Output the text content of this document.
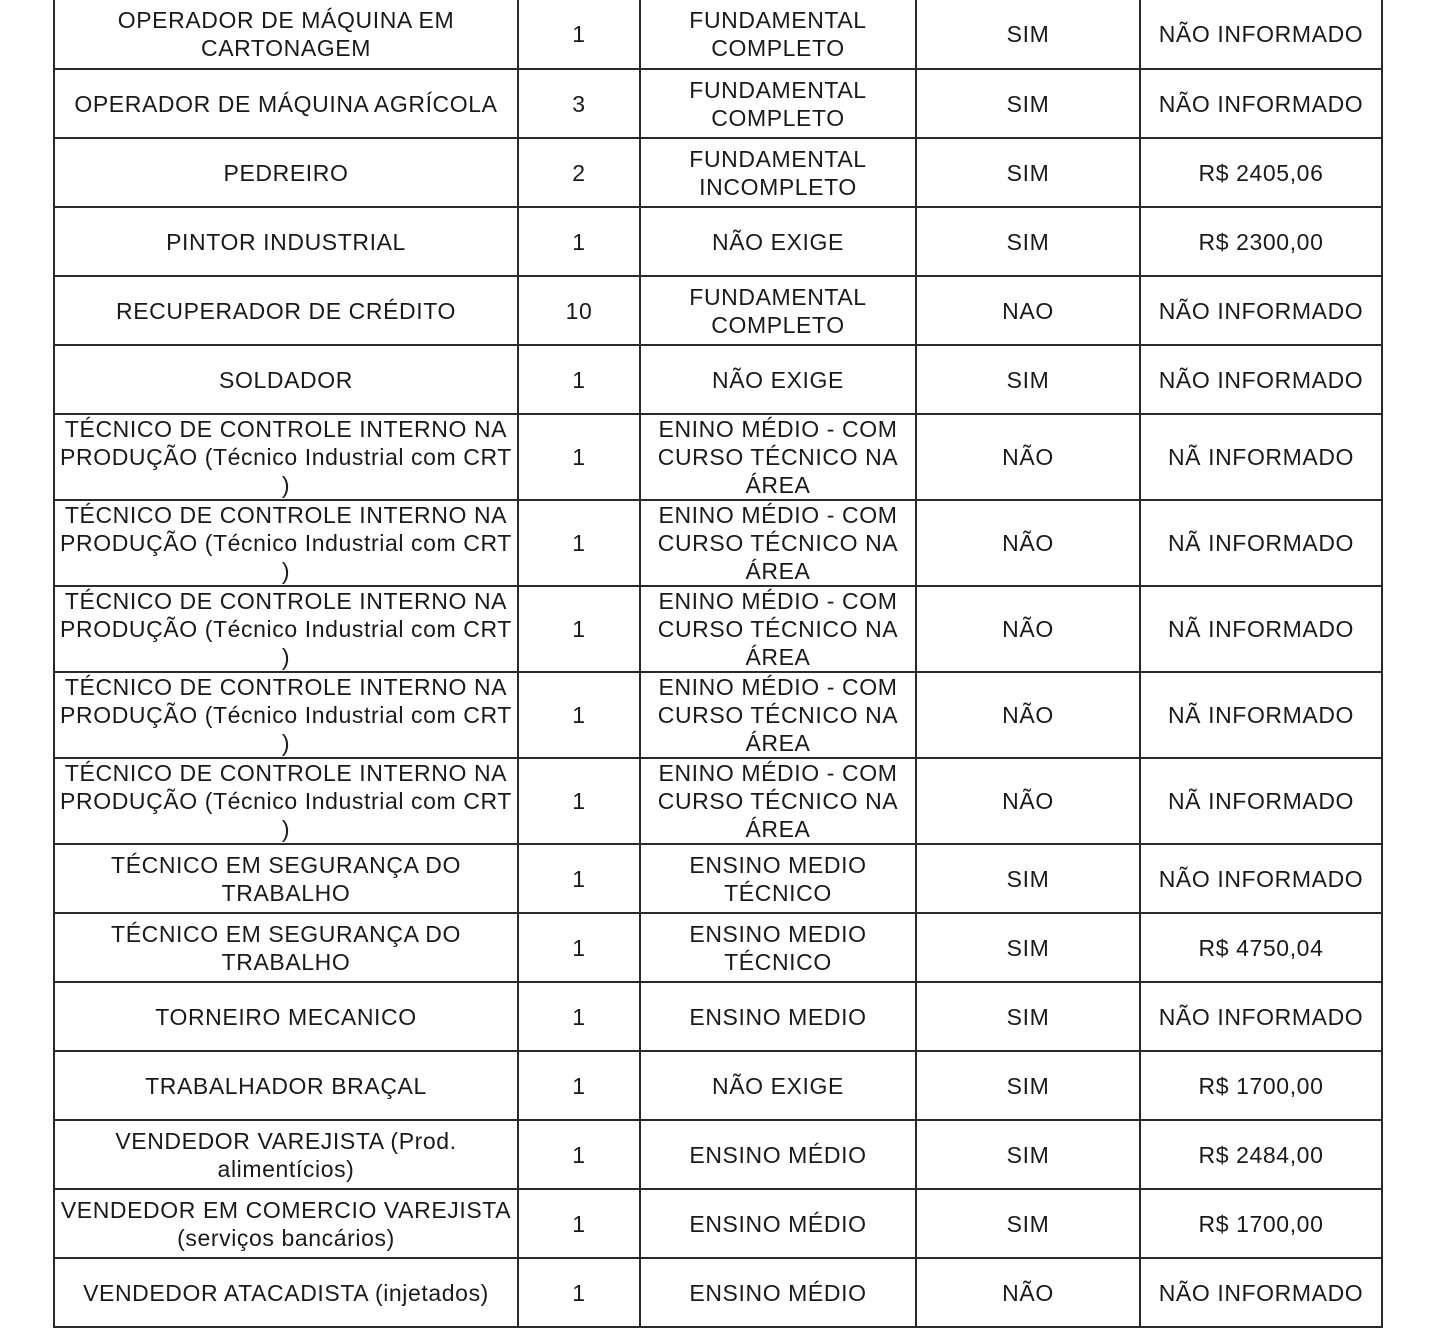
OPERADOR DE MÁQUINA EM CARTONAGEM	1	FUNDAMENTAL COMPLETO	SIM	NÃO INFORMADO
OPERADOR DE MÁQUINA AGRÍCOLA	3	FUNDAMENTAL COMPLETO	SIM	NÃO INFORMADO
PEDREIRO	2	FUNDAMENTAL INCOMPLETO	SIM	R$ 2405,06
PINTOR INDUSTRIAL	1	NÃO EXIGE	SIM	R$ 2300,00
RECUPERADOR DE CRÉDITO	10	FUNDAMENTAL COMPLETO	NAO	NÃO INFORMADO
SOLDADOR	1	NÃO EXIGE	SIM	NÃO INFORMADO
TÉCNICO DE CONTROLE INTERNO NA PRODUÇÃO (Técnico Industrial com CRT )	1	ENINO MÉDIO - COM CURSO TÉCNICO NA ÁREA	NÃO	NÃ INFORMADO
TÉCNICO DE CONTROLE INTERNO NA PRODUÇÃO (Técnico Industrial com CRT )	1	ENINO MÉDIO - COM CURSO TÉCNICO NA ÁREA	NÃO	NÃ INFORMADO
TÉCNICO DE CONTROLE INTERNO NA PRODUÇÃO (Técnico Industrial com CRT )	1	ENINO MÉDIO - COM CURSO TÉCNICO NA ÁREA	NÃO	NÃ INFORMADO
TÉCNICO DE CONTROLE INTERNO NA PRODUÇÃO (Técnico Industrial com CRT )	1	ENINO MÉDIO - COM CURSO TÉCNICO NA ÁREA	NÃO	NÃ INFORMADO
TÉCNICO DE CONTROLE INTERNO NA PRODUÇÃO (Técnico Industrial com CRT )	1	ENINO MÉDIO - COM CURSO TÉCNICO NA ÁREA	NÃO	NÃ INFORMADO
TÉCNICO EM SEGURANÇA DO TRABALHO	1	ENSINO MEDIO TÉCNICO	SIM	NÃO INFORMADO
TÉCNICO EM SEGURANÇA DO TRABALHO	1	ENSINO MEDIO TÉCNICO	SIM	R$ 4750,04
TORNEIRO MECANICO	1	ENSINO MEDIO	SIM	NÃO INFORMADO
TRABALHADOR BRAÇAL	1	NÃO EXIGE	SIM	R$ 1700,00
VENDEDOR VAREJISTA (Prod. alimentícios)	1	ENSINO MÉDIO	SIM	R$ 2484,00
VENDEDOR EM COMERCIO VAREJISTA (serviços bancários)	1	ENSINO MÉDIO	SIM	R$ 1700,00
VENDEDOR ATACADISTA (injetados)	1	ENSINO MÉDIO	NÃO	NÃO INFORMADO
